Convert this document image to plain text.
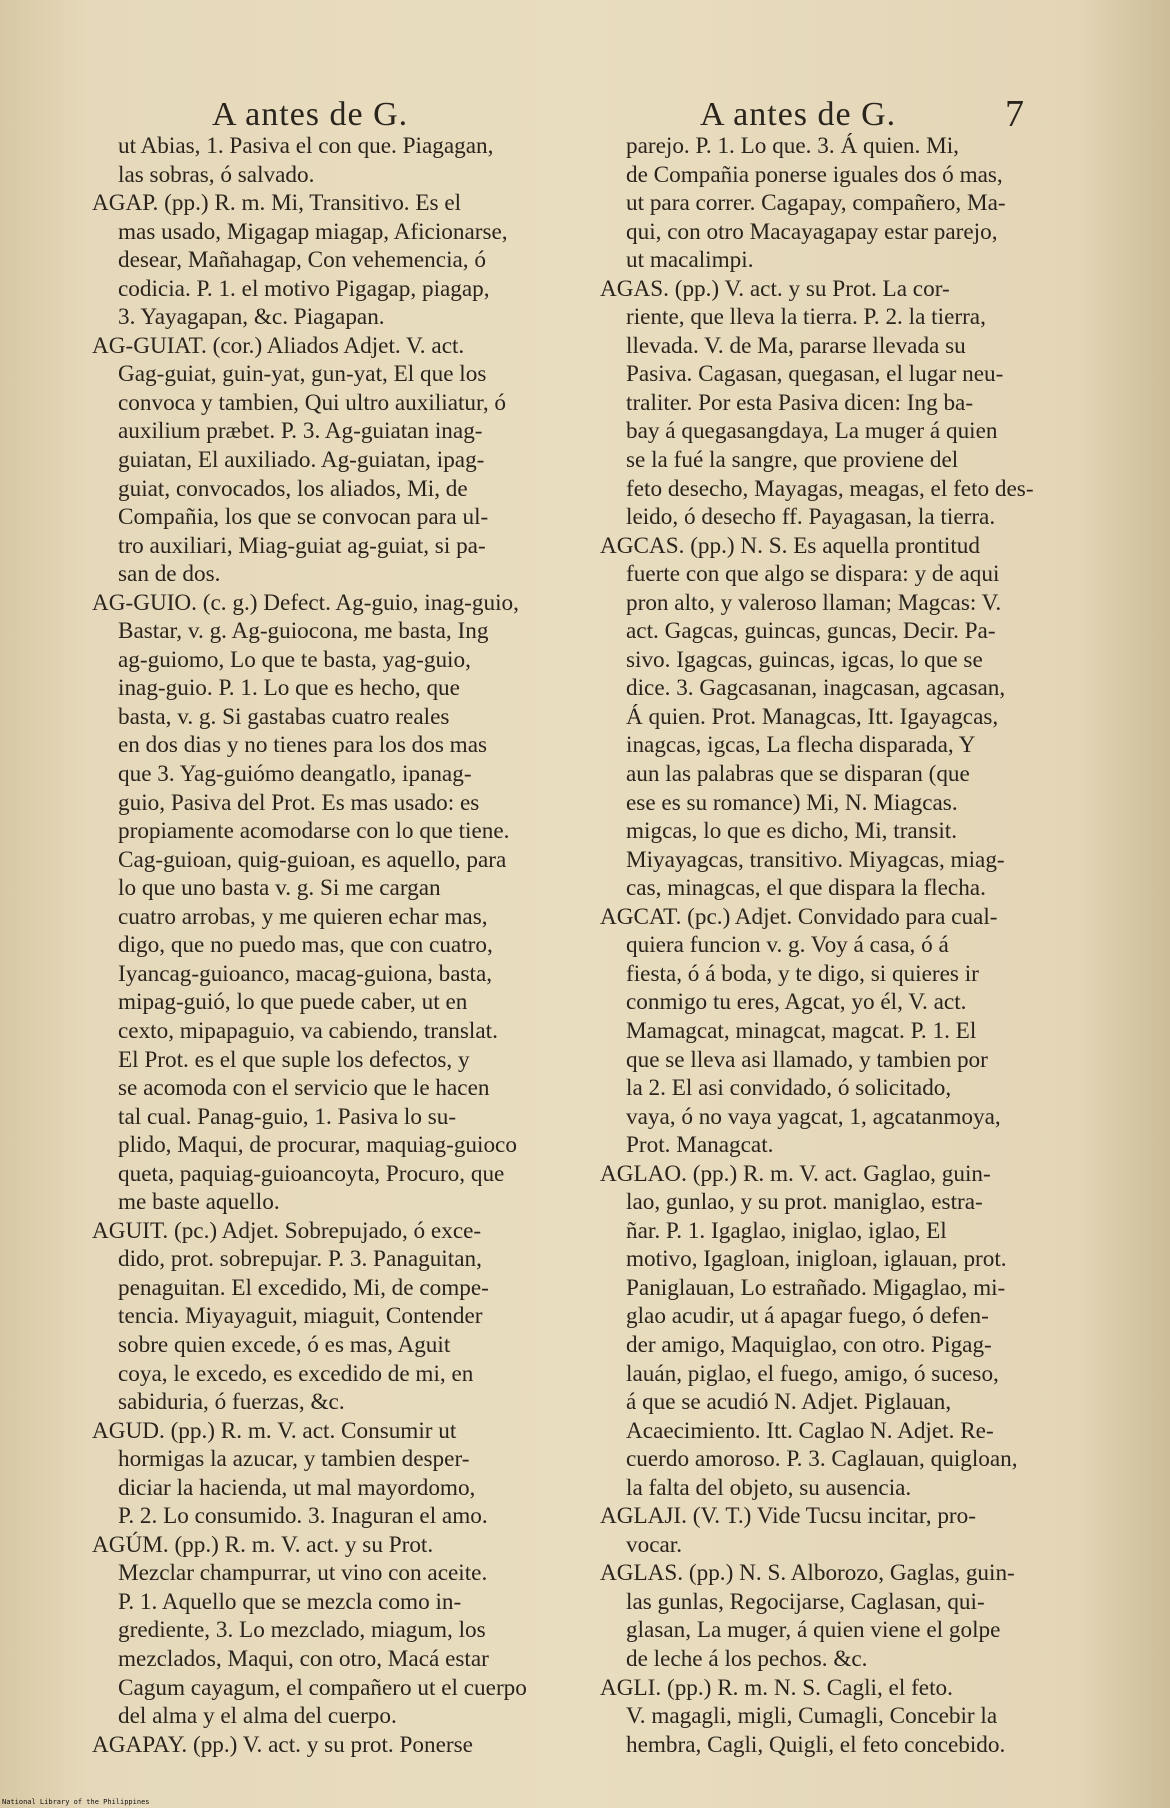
A antes de G.	A antes de G.	7
ut Abias, 1. Pasiva el con que. Piagagan,
las sobras, ó salvado.
AGAP. (pp.) R. m. Mi, Transitivo. Es el
mas usado, Migagap miagap, Aficionarse,
desear, Mañahagap, Con vehemencia, ó
codicia. P. 1. el motivo Pigagap, piagap,
3. Yayagapan, &c. Piagapan.
AG-GUIAT. (cor.) Aliados Adjet. V. act.
Gag-guiat, guin-yat, gun-yat, El que los
convoca y tambien, Qui ultro auxiliatur, ó
auxilium præbet. P. 3. Ag-guiatan inag-
guiatan, El auxiliado. Ag-guiatan, ipag-
guiat, convocados, los aliados, Mi, de
Compañia, los que se convocan para ul-
tro auxiliari, Miag-guiat ag-guiat, si pa-
san de dos.
AG-GUIO. (c. g.) Defect. Ag-guio, inag-guio,
Bastar, v. g. Ag-guiocona, me basta, Ing
ag-guiomo, Lo que te basta, yag-guio,
inag-guio. P. 1. Lo que es hecho, que
basta, v. g. Si gastabas cuatro reales
en dos dias y no tienes para los dos mas
que 3. Yag-guiómo deangatlo, ipanag-
guio, Pasiva del Prot. Es mas usado: es
propiamente acomodarse con lo que tiene.
Cag-guioan, quig-guioan, es aquello, para
lo que uno basta v. g. Si me cargan
cuatro arrobas, y me quieren echar mas,
digo, que no puedo mas, que con cuatro,
Iyancag-guioanco, macag-guiona, basta,
mipag-guió, lo que puede caber, ut en
cexto, mipapaguio, va cabiendo, translat.
El Prot. es el que suple los defectos, y
se acomoda con el servicio que le hacen
tal cual. Panag-guio, 1. Pasiva lo su-
plido, Maqui, de procurar, maquiag-guioco
queta, paquiag-guioancoyta, Procuro, que
me baste aquello.
AGUIT. (pc.) Adjet. Sobrepujado, ó exce-
dido, prot. sobrepujar. P. 3. Panaguitan,
penaguitan. El excedido, Mi, de compe-
tencia. Miyayaguit, miaguit, Contender
sobre quien excede, ó es mas, Aguit
coya, le excedo, es excedido de mi, en
sabiduria, ó fuerzas, &c.
AGUD. (pp.) R. m. V. act. Consumir ut
hormigas la azucar, y tambien desper-
diciar la hacienda, ut mal mayordomo,
P. 2. Lo consumido. 3. Inaguran el amo.
AGÚM. (pp.) R. m. V. act. y su Prot.
Mezclar champurrar, ut vino con aceite.
P. 1. Aquello que se mezcla como in-
grediente, 3. Lo mezclado, miagum, los
mezclados, Maqui, con otro, Macá estar
Cagum cayagum, el compañero ut el cuerpo
del alma y el alma del cuerpo.
AGAPAY. (pp.) V. act. y su prot. Ponerse
parejo. P. 1. Lo que. 3. Á quien. Mi,
de Compañia ponerse iguales dos ó mas,
ut para correr. Cagapay, compañero, Ma-
qui, con otro Macayagapay estar parejo,
ut macalimpi.
AGAS. (pp.) V. act. y su Prot. La cor-
riente, que lleva la tierra. P. 2. la tierra,
llevada. V. de Ma, pararse llevada su
Pasiva. Cagasan, quegasan, el lugar neu-
traliter. Por esta Pasiva dicen: Ing ba-
bay á quegasangdaya, La muger á quien
se la fué la sangre, que proviene del
feto desecho, Mayagas, meagas, el feto des-
leido, ó desecho ff. Payagasan, la tierra.
AGCAS. (pp.) N. S. Es aquella prontitud
fuerte con que algo se dispara: y de aqui
pron alto, y valeroso llaman; Magcas: V.
act. Gagcas, guincas, guncas, Decir. Pa-
sivo. Igagcas, guincas, igcas, lo que se
dice. 3. Gagcasanan, inagcasan, agcasan,
Á quien. Prot. Managcas, Itt. Igayagcas,
inagcas, igcas, La flecha disparada, Y
aun las palabras que se disparan (que
ese es su romance) Mi, N. Miagcas.
migcas, lo que es dicho, Mi, transit.
Miyayagcas, transitivo. Miyagcas, miag-
cas, minagcas, el que dispara la flecha.
AGCAT. (pc.) Adjet. Convidado para cual-
quiera funcion v. g. Voy á casa, ó á
fiesta, ó á boda, y te digo, si quieres ir
conmigo tu eres, Agcat, yo él, V. act.
Mamagcat, minagcat, magcat. P. 1. El
que se lleva asi llamado, y tambien por
la 2. El asi convidado, ó solicitado,
vaya, ó no vaya yagcat, 1, agcatanmoya,
Prot. Managcat.
AGLAO. (pp.) R. m. V. act. Gaglao, guin-
lao, gunlao, y su prot. maniglao, estra-
ñar. P. 1. Igaglao, iniglao, iglao, El
motivo, Igagloan, inigloan, iglauan, prot.
Paniglauan, Lo estrañado. Migaglao, mi-
glao acudir, ut á apagar fuego, ó defen-
der amigo, Maquiglao, con otro. Pigag-
lauán, piglao, el fuego, amigo, ó suceso,
á que se acudió N. Adjet. Piglauan,
Acaecimiento. Itt. Caglao N. Adjet. Re-
cuerdo amoroso. P. 3. Caglauan, quigloan,
la falta del objeto, su ausencia.
AGLAJI. (V. T.) Vide Tucsu incitar, pro-
vocar.
AGLAS. (pp.) N. S. Alborozo, Gaglas, guin-
las gunlas, Regocijarse, Caglasan, qui-
glasan, La muger, á quien viene el golpe
de leche á los pechos. &c.
AGLI. (pp.) R. m. N. S. Cagli, el feto.
V. magagli, migli, Cumagli, Concebir la
hembra, Cagli, Quigli, el feto concebido.
National Library of the Philippines
